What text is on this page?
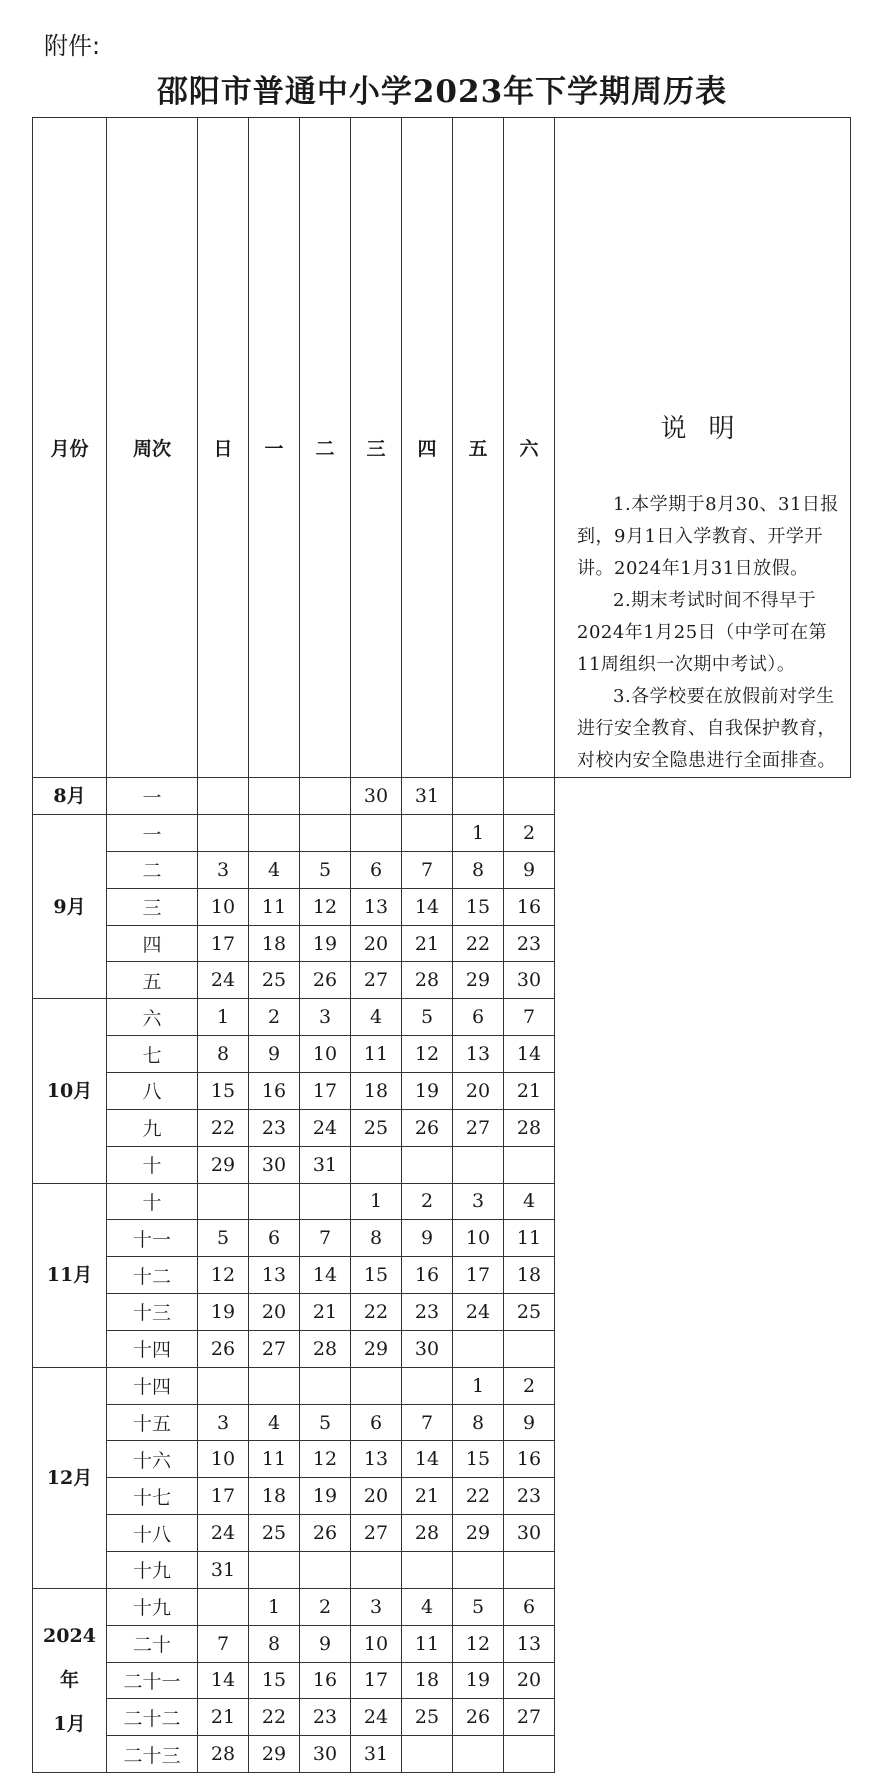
附件:
邵阳市普通中小学2023年下学期周历表
月份	周次	日	一	二	三	四	五	六	说明
1.本学期于8月30、31日报到，9月1日入学教育、开学开讲。2024年1月31日放假。
2.期末考试时间不得早于2024年1月25日（中学可在第11周组织一次期中考试）。
3.各学校要在放假前对学生进行安全教育、自我保护教育，对校内安全隐患进行全面排查。

8月	一				30	31			
9月	一						1	2	
	二	3	4	5	6	7	8	9	
	三	10	11	12	13	14	15	16	
	四	17	18	19	20	21	22	23	
	五	24	25	26	27	28	29	30	
10月	六	1	2	3	4	5	6	7	
	七	8	9	10	11	12	13	14	
	八	15	16	17	18	19	20	21	
	九	22	23	24	25	26	27	28	
	十	29	30	31					
11月	十				1	2	3	4	
	十一	5	6	7	8	9	10	11	
	十二	12	13	14	15	16	17	18	
	十三	19	20	21	22	23	24	25	
	十四	26	27	28	29	30			
12月	十四						1	2	
	十五	3	4	5	6	7	8	9	
	十六	10	11	12	13	14	15	16	
	十七	17	18	19	20	21	22	23	
	十八	24	25	26	27	28	29	30	
	十九	31							

2024
年
1月	十九		1	2	3	4	5	6	
	二十	7	8	9	10	11	12	13	
	二十一	14	15	16	17	18	19	20	
	二十二	21	22	23	24	25	26	27	
	二十三	28	29	30	31				
